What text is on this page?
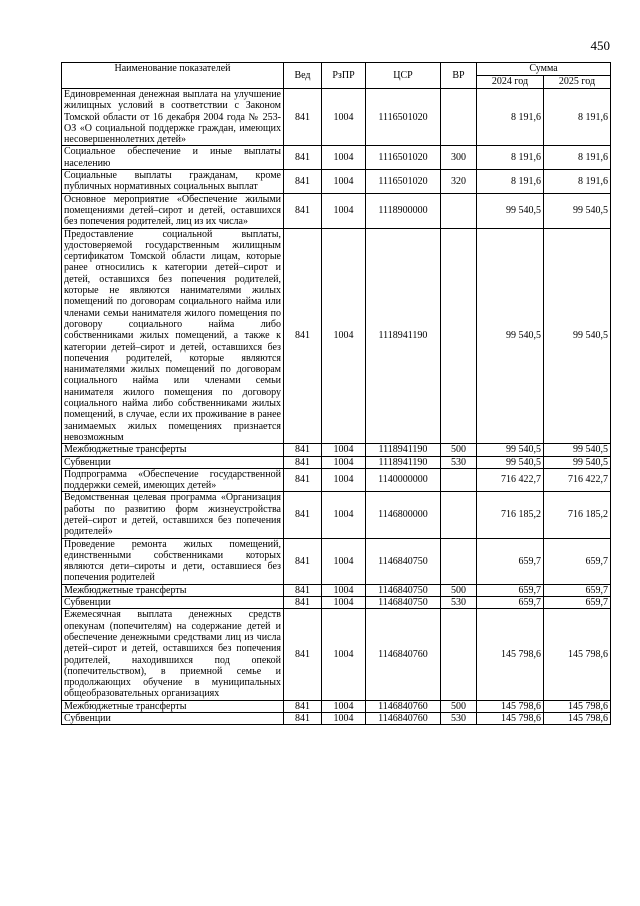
450
Наименование показателей	Вед	РзПР	ЦСР	ВР	Сумма	
					2024 год	2025 год
Единовременная денежная выплата на улучшение жилищных условий в соответствии с Законом Томской области от 16 декабря 2004 года № 253-ОЗ «О социальной поддержке граждан, имеющих несовершеннолетних детей»	841	1004	1116501020		8 191,6	8 191,6
Социальное обеспечение и иные выплаты населению	841	1004	1116501020	300	8 191,6	8 191,6
Социальные выплаты гражданам, кроме публичных нормативных социальных выплат	841	1004	1116501020	320	8 191,6	8 191,6
Основное мероприятие «Обеспечение жилыми помещениями детей–сирот и детей, оставшихся без попечения родителей, лиц из их числа»	841	1004	1118900000		99 540,5	99 540,5
Предоставление социальной выплаты, удостоверяемой государственным жилищным сертификатом Томской области лицам, которые ранее относились к категории детей–сирот и детей, оставшихся без попечения родителей, которые не являются нанимателями жилых помещений по договорам социального найма или членами семьи нанимателя жилого помещения по договору социального найма либо собственниками жилых помещений, а также к категории детей–сирот и детей, оставшихся без попечения родителей, которые являются нанимателями жилых помещений по договорам социального найма или членами семьи нанимателя жилого помещения по договору социального найма либо собственниками жилых помещений, в случае, если их проживание в ранее занимаемых жилых помещениях признается невозможным	841	1004	1118941190		99 540,5	99 540,5
Межбюджетные трансферты	841	1004	1118941190	500	99 540,5	99 540,5
Субвенции	841	1004	1118941190	530	99 540,5	99 540,5
Подпрограмма «Обеспечение государственной поддержки семей, имеющих детей»	841	1004	1140000000		716 422,7	716 422,7
Ведомственная целевая программа «Организация работы по развитию форм жизнеустройства детей–сирот и детей, оставшихся без попечения родителей»	841	1004	1146800000		716 185,2	716 185,2
Проведение ремонта жилых помещений, единственными собственниками которых являются дети–сироты и дети, оставшиеся без попечения родителей	841	1004	1146840750		659,7	659,7
Межбюджетные трансферты	841	1004	1146840750	500	659,7	659,7
Субвенции	841	1004	1146840750	530	659,7	659,7
Ежемесячная выплата денежных средств опекунам (попечителям) на содержание детей и обеспечение денежными средствами лиц из числа детей–сирот и детей, оставшихся без попечения родителей, находившихся под опекой (попечительством), в приемной семье и продолжающих обучение в муниципальных общеобразовательных организациях	841	1004	1146840760		145 798,6	145 798,6
Межбюджетные трансферты	841	1004	1146840760	500	145 798,6	145 798,6
Субвенции	841	1004	1146840760	530	145 798,6	145 798,6
